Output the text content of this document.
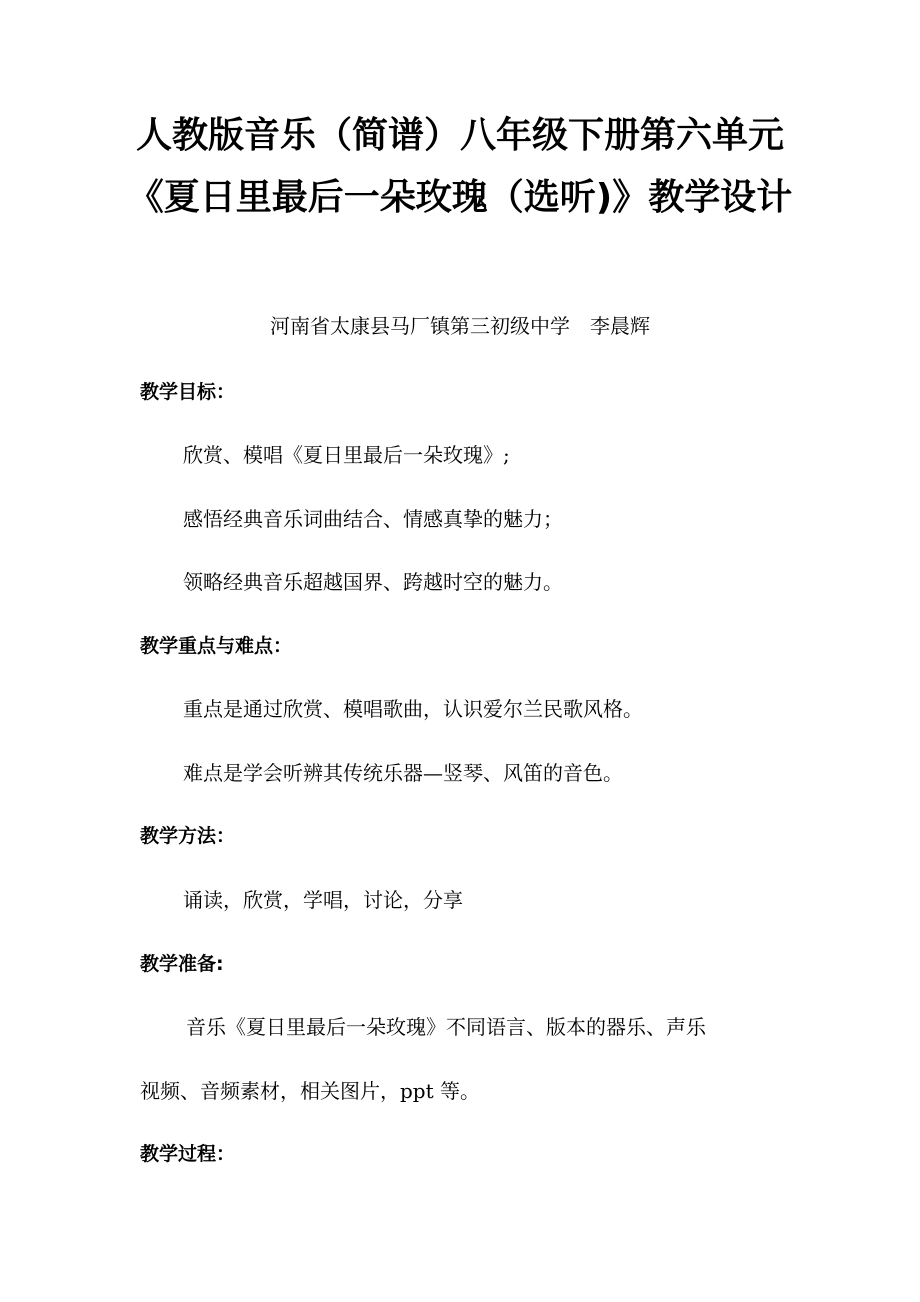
人教版音乐（简谱）八年级下册第六单元
《夏日里最后一朵玫瑰（选听)》教学设计
河南省太康县马厂镇第三初级中学　李晨辉
教学目标：
欣赏、模唱《夏日里最后一朵玫瑰》;
感悟经典音乐词曲结合、情感真挚的魅力；
领略经典音乐超越国界、跨越时空的魅力。
教学重点与难点：
重点是通过欣赏、模唱歌曲，认识爱尔兰民歌风格。
难点是学会听辨其传统乐器—竖琴、风笛的音色。
教学方法：
诵读，欣赏，学唱，讨论，分享
教学准备:
音乐《夏日里最后一朵玫瑰》不同语言、版本的器乐、声乐
视频、音频素材，相关图片，ppt 等。
教学过程：
